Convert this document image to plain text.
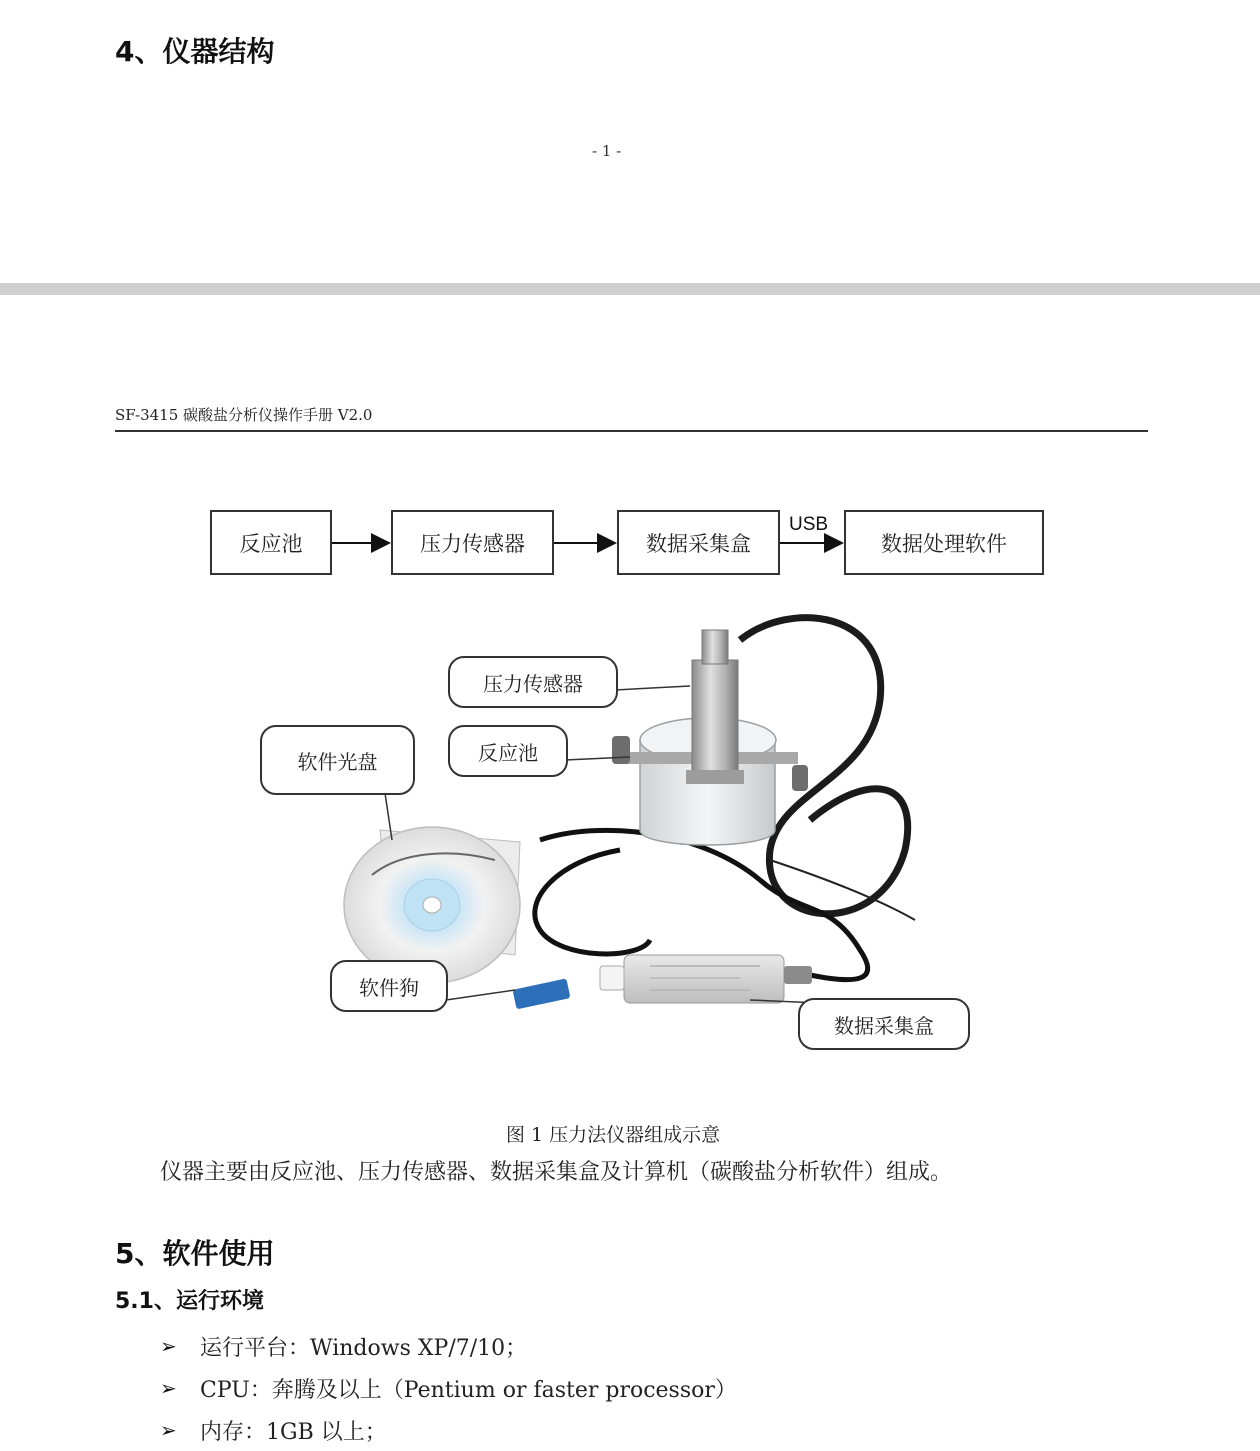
4、仪器结构
- 1 -
SF-3415 碳酸盐分析仪操作手册 V2.0
反应池	压力传感器	数据采集盒	数据处理软件
USB
压力传感器
反应池
软件光盘
软件狗
数据采集盒
图 1 压力法仪器组成示意
仪器主要由反应池、压力传感器、数据采集盒及计算机（碳酸盐分析软件）组成。
5、软件使用
5.1、运行环境
➢	运行平台：Windows XP/7/10；
➢	CPU：奔腾及以上（Pentium or faster processor）
➢	内存：1GB 以上；
